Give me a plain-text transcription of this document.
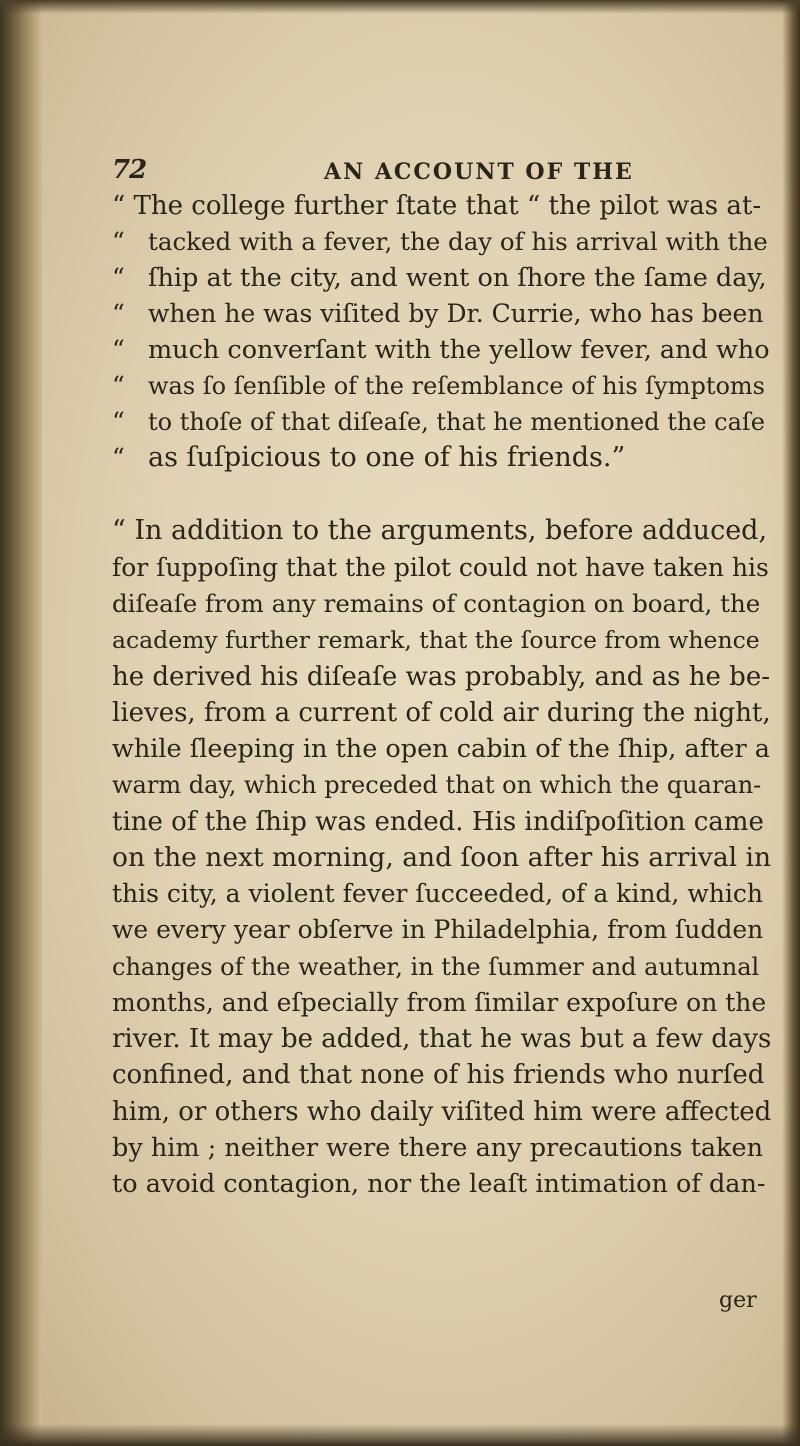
72	AN ACCOUNT OF THE
“ The college further ſtate that “ the pilot was at-
“ tacked with a fever, the day of his arrival with the
“ ſhip at the city, and went on ſhore the ſame day,
“ when he was viſited by Dr. Currie, who has been
“ much converſant with the yellow fever, and who
“ was ſo ſenſible of the reſemblance of his ſymptoms
“ to thoſe of that diſeaſe, that he mentioned the caſe
“ as ſuſpicious to one of his friends.”
“ In addition to the arguments, before adduced,
for ſuppoſing that the pilot could not have taken his
diſeaſe from any remains of contagion on board, the
academy further remark, that the ſource from whence
he derived his diſeaſe was probably, and as he be-
lieves, from a current of cold air during the night,
while ſleeping in the open cabin of the ſhip, after a
warm day, which preceded that on which the quaran-
tine of the ſhip was ended. His indiſpoſition came
on the next morning, and ſoon after his arrival in
this city, a violent fever ſucceeded, of a kind, which
we every year obſerve in Philadelphia, from ſudden
changes of the weather, in the ſummer and autumnal
months, and eſpecially from ſimilar expoſure on the
river. It may be added, that he was but a few days
confined, and that none of his friends who nurſed
him, or others who daily viſited him were affected
by him ; neither were there any precautions taken
to avoid contagion, nor the leaſt intimation of dan-
ger
